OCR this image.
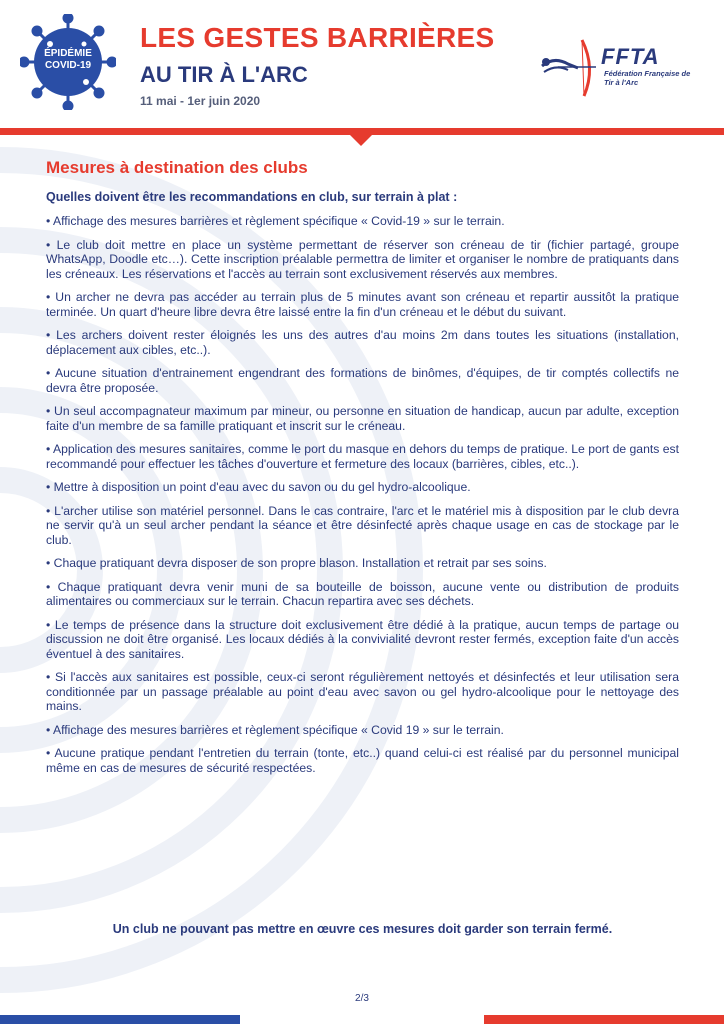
ÉPIDÉMIE
COVID-19
LES GESTES BARRIÈRES
AU TIR À L'ARC
11 mai - 1er juin 2020
FFTA
Fédération Française de Tir à l'Arc
Mesures à destination des clubs
Quelles doivent être les recommandations en club, sur terrain à plat :
• Affichage des mesures barrières et règlement spécifique « Covid-19 » sur le terrain.
• Le club doit mettre en place un système permettant de réserver son créneau de tir (fichier partagé, groupe WhatsApp, Doodle etc…). Cette inscription préalable permettra de limiter et organiser le nombre de pratiquants dans les créneaux. Les réservations et l'accès au terrain sont exclusivement réservés aux membres.
• Un archer ne devra pas accéder au terrain plus de 5 minutes avant son créneau et repartir aussitôt la pratique terminée. Un quart d'heure libre devra être laissé entre la fin d'un créneau et le début du suivant.
• Les archers doivent rester éloignés les uns des autres d'au moins 2m dans toutes les situations (installation, déplacement aux cibles, etc..).
• Aucune situation d'entrainement engendrant des formations de binômes, d'équipes, de tir comptés collectifs ne devra être proposée.
• Un seul accompagnateur maximum par mineur, ou personne en situation de handicap, aucun par adulte, exception faite d'un membre de sa famille pratiquant et inscrit sur le créneau.
• Application des mesures sanitaires, comme le port du masque en dehors du temps de pratique. Le port de gants est recommandé pour effectuer les tâches d'ouverture et fermeture des locaux (barrières, cibles, etc..).
• Mettre à disposition un point d'eau avec du savon ou du gel hydro-alcoolique.
• L'archer utilise son matériel personnel. Dans le cas contraire, l'arc et le matériel mis à disposition par le club devra ne servir qu'à un seul archer pendant la séance et être désinfecté après chaque usage en cas de stockage par le club.
• Chaque pratiquant devra disposer de son propre blason. Installation et retrait par ses soins.
• Chaque pratiquant devra venir muni de sa bouteille de boisson, aucune vente ou distribution de produits alimentaires ou commerciaux sur le terrain. Chacun repartira avec ses déchets.
• Le temps de présence dans la structure doit exclusivement être dédié à la pratique, aucun temps de partage ou discussion ne doit être organisé. Les locaux dédiés à la convivialité devront rester fermés, exception faite d'un accès éventuel à des sanitaires.
• Si l'accès aux sanitaires est possible, ceux-ci seront régulièrement nettoyés et désinfectés et leur utilisation sera conditionnée par un passage préalable au point d'eau avec savon ou gel hydro-alcoolique pour le nettoyage des mains.
• Affichage des mesures barrières et règlement spécifique « Covid 19 » sur le terrain.
• Aucune pratique pendant l'entretien du terrain (tonte, etc..) quand celui-ci est réalisé par du personnel municipal même en cas de mesures de sécurité respectées.
Un club ne pouvant pas mettre en œuvre ces mesures doit garder son terrain fermé.
2/3
